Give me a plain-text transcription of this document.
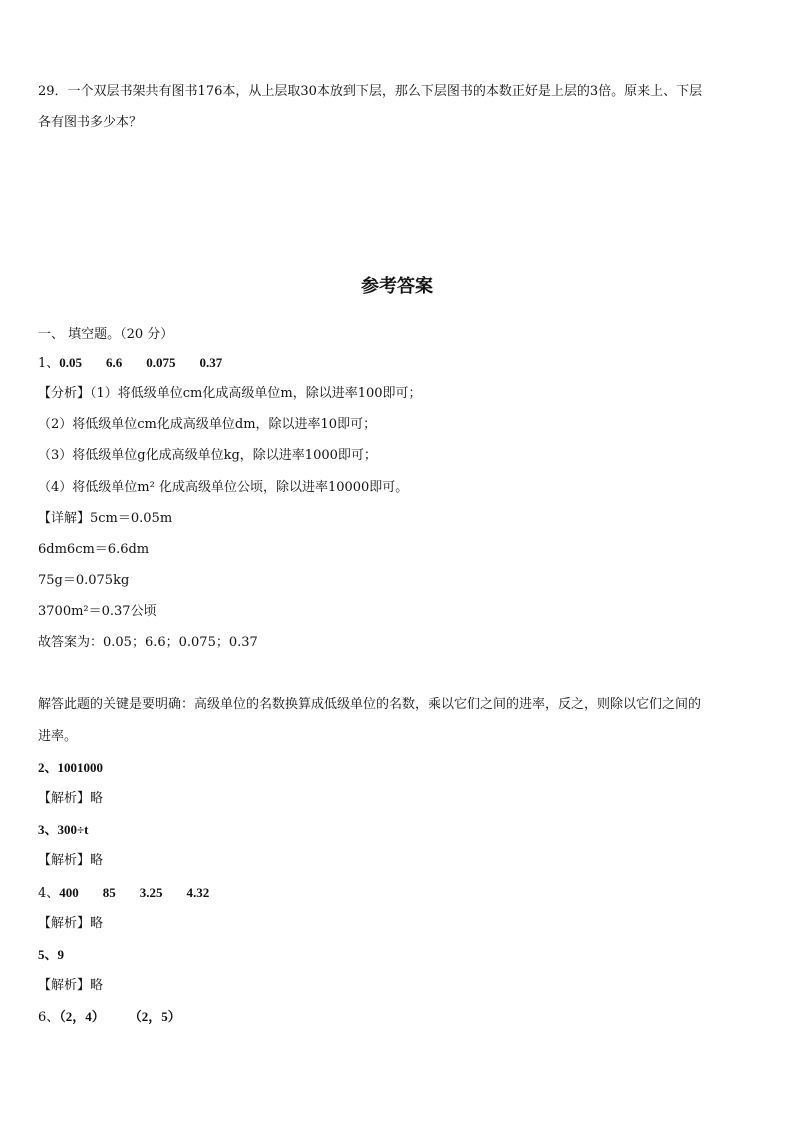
29．一个双层书架共有图书176本，从上层取30本放到下层，那么下层图书的本数正好是上层的3倍。原来上、下层
各有图书多少本？
参考答案
一、 填空题。（20 分）
1、0.05 6.6 0.075 0.37
【分析】（1）将低级单位cm化成高级单位m，除以进率100即可；
（2）将低级单位cm化成高级单位dm，除以进率10即可；
（3）将低级单位g化成高级单位kg，除以进率1000即可；
（4）将低级单位m² 化成高级单位公顷，除以进率10000即可。
【详解】5cm＝0.05m
6dm6cm＝6.6dm
75g＝0.075kg
3700m²＝0.37公顷
故答案为：0.05；6.6；0.075；0.37
解答此题的关键是要明确：高级单位的名数换算成低级单位的名数，乘以它们之间的进率，反之，则除以它们之间的
进率。
2、1001000
【解析】略
3、300÷t
【解析】略
4、400 85 3.25 4.32
【解析】略
5、9
【解析】略
6、（2，4） （2，5）
